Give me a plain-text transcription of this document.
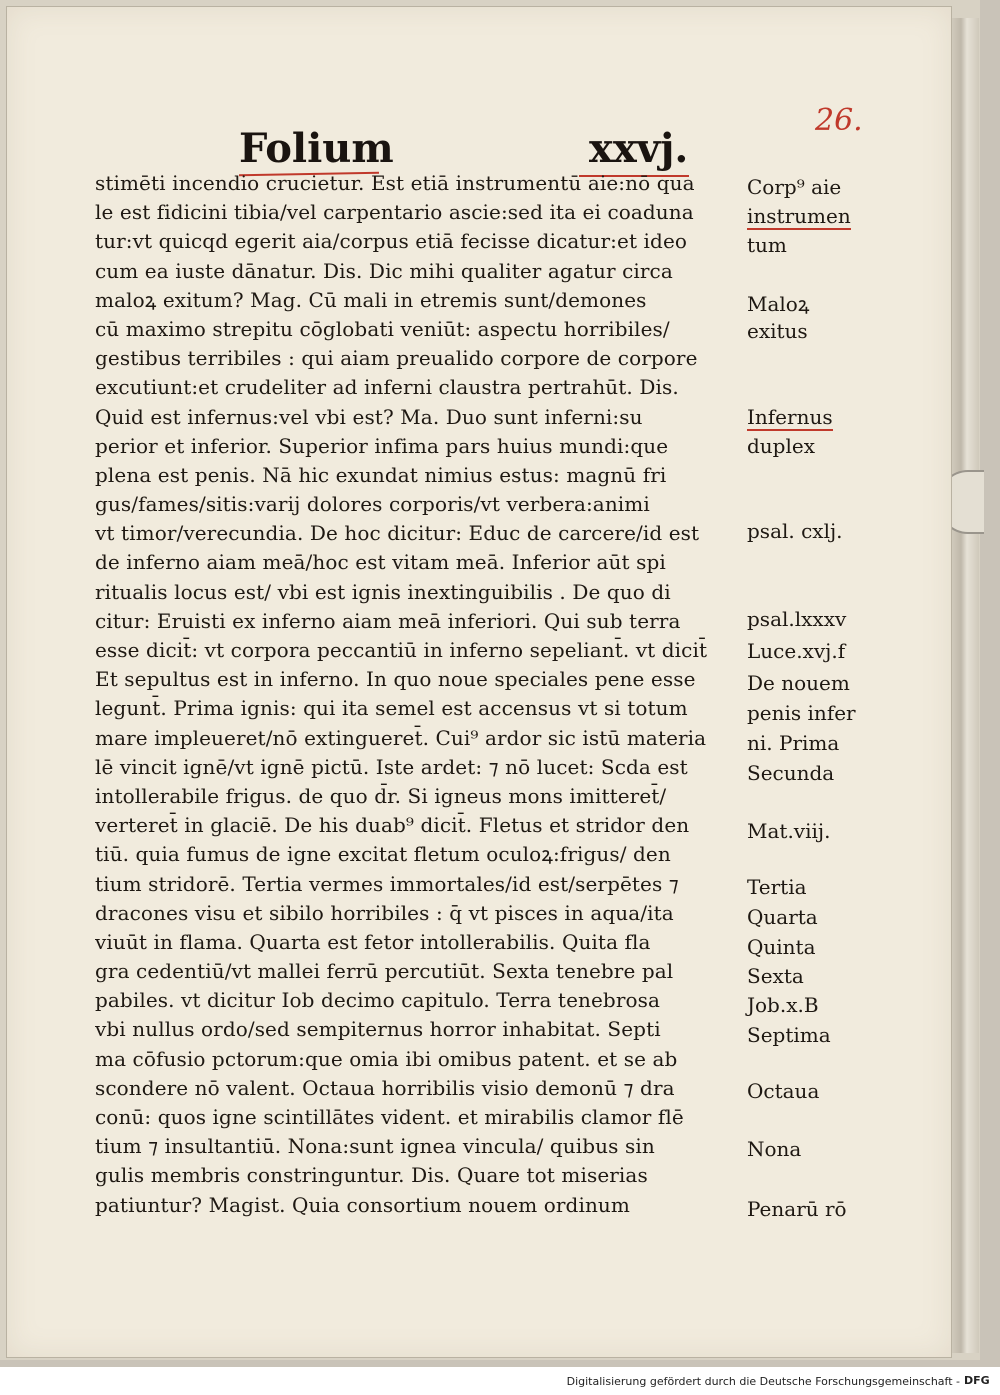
26.
Folium	xxvj.
stimēti incendio crucietur. Est etiā instrumentū aie:nō qua
le est fidicini tibia/vel carpentario ascie:sed ita ei coaduna
tur:vt quicqd egerit aia/corpus etiā fecisse dicatur:et ideo
cum ea iuste dānatur. Dis. Dic mihi qualiter agatur circa
maloꝝ exitum? Mag. Cū mali in etremis sunt/demones
cū maximo strepitu cōglobati veniūt: aspectu horribiles/
gestibus terribiles : qui aiam preualido corpore de corpore
excutiunt:et crudeliter ad inferni claustra pertrahūt. Dis.
Quid est infernus:vel vbi est? Ma. Duo sunt inferni:su
perior et inferior. Superior infima pars huius mundi:que
plena est penis. Nā hic exundat nimius estus: magnū fri
gus/fames/sitis:varij dolores corporis/vt verbera:animi
vt timor/verecundia. De hoc dicitur: Educ de carcere/id est
de inferno aiam meā/hoc est vitam meā. Inferior aūt spi
ritualis locus est/ vbi est ignis inextinguibilis . De quo di
citur: Eruisti ex inferno aiam meā inferiori. Qui sub terra
esse dicit̄: vt corpora peccantiū in inferno sepeliant̄. vt dicit̄
Et sepultus est in inferno. In quo noue speciales pene esse
legunt̄. Prima ignis: qui ita semel est accensus vt si totum
mare impleueret/nō extingueret̄. Cui⁹ ardor sic istū materia
lē vincit ignē/vt ignē pictū. Iste ardet: ⁊ nō lucet: Scda est
intollerabile frigus. de quo d̄r. Si igneus mons imitteret̄/
verteret̄ in glaciē. De his duab⁹ dicit̄. Fletus et stridor den
tiū. quia fumus de igne excitat fletum oculoꝝ:frigus/ den
tium stridorē. Tertia vermes immortales/id est/serpētes ⁊
dracones visu et sibilo horribiles : q̄ vt pisces in aqua/ita
viuūt in flama. Quarta est fetor intollerabilis. Quita fla
gra cedentiū/vt mallei ferrū percutiūt. Sexta tenebre pal
pabiles. vt dicitur Iob decimo capitulo. Terra tenebrosa
vbi nullus ordo/sed sempiternus horror inhabitat. Septi
ma cōfusio pctorum:que omia ibi omibus patent. et se ab
scondere nō valent. Octaua horribilis visio demonū ⁊ dra
conū: quos igne scintillātes vident. et mirabilis clamor flē
tium ⁊ insultantiū. Nona:sunt ignea vincula/ quibus sin
gulis membris constringuntur. Dis. Quare tot miserias
patiuntur? Magist. Quia consortium nouem ordinum
Corp⁹ aie
instrumen
tum
Maloꝝ
exitus
Infernus
duplex
psal. cxlj.
psal.lxxxv
Luce.xvj.f
De nouem
penis infer
ni. Prima
Secunda
Mat.viij.
Tertia
Quarta
Quinta
Sexta
Job.x.B
Septima
Octaua
Nona
Penarū rō
Digitalisierung gefördert durch die Deutsche Forschungsgemeinschaft - DFG
